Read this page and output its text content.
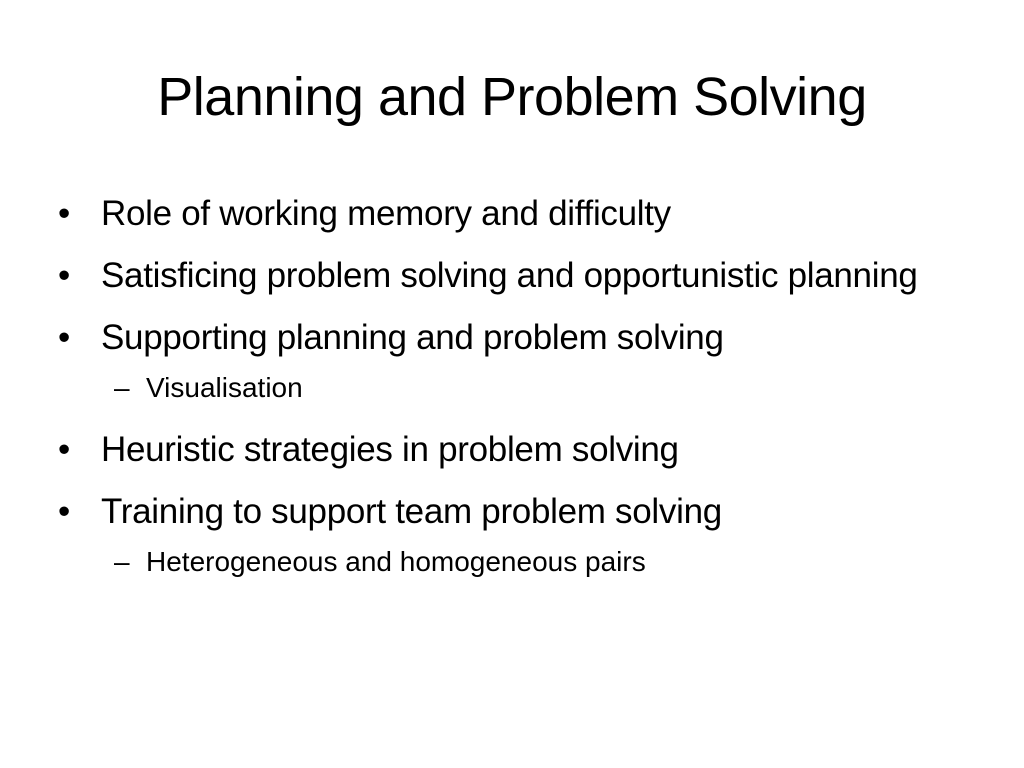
Planning and Problem Solving
• Role of working memory and difficulty
• Satisficing problem solving and opportunistic planning
• Supporting planning and problem solving
– Visualisation
• Heuristic strategies in problem solving
• Training to support team problem solving
– Heterogeneous and homogeneous pairs
